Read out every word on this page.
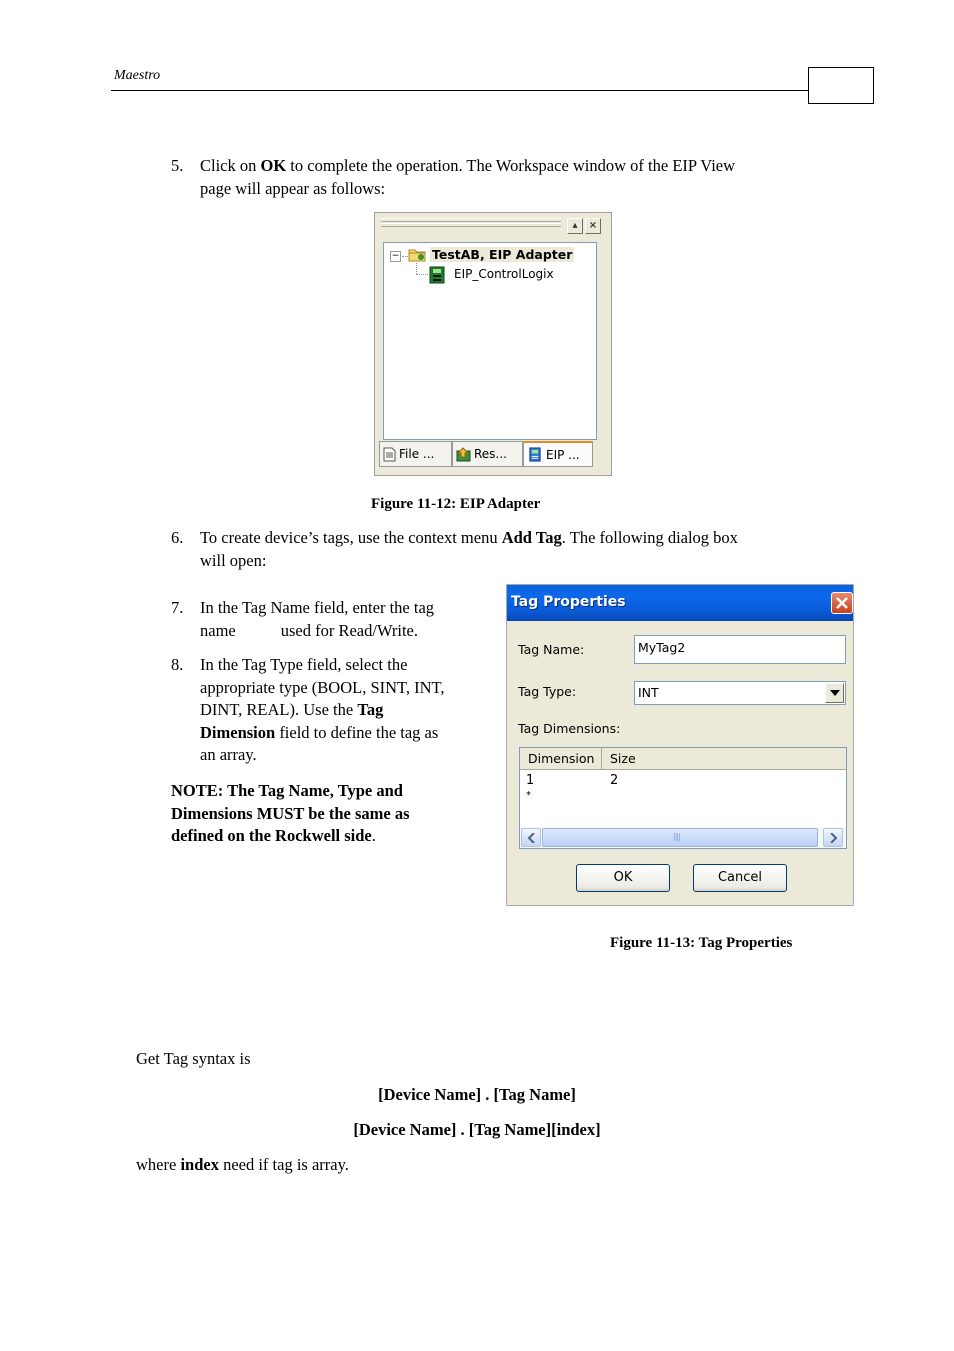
Maestro
5. Click on OK to complete the operation. The Workspace window of the EIP View
page will appear as follows:
▴	×
−	TestAB, EIP Adapter
EIP_ControlLogix
File ...	Res...	EIP ...
Figure 11-12: EIP Adapter
6. To create device’s tags, use the context menu Add Tag. The following dialog box
will open:
7. In the Tag Name field, enter the tag
name	used for Read/Write.
8. In the Tag Type field, select the
appropriate type (BOOL, SINT, INT,
DINT, REAL). Use the Tag
Dimension field to define the tag as
an array.
NOTE: The Tag Name, Type and
Dimensions MUST be the same as
defined on the Rockwell side.
Tag Properties
Tag Name:	MyTag2
Tag Type:	INT
Tag Dimensions:
Dimension	Size
1	2
*
||||
OK	Cancel
Figure 11-13: Tag Properties
Get Tag syntax is
[Device Name] . [Tag Name]
[Device Name] . [Tag Name][index]
where index need if tag is array.
